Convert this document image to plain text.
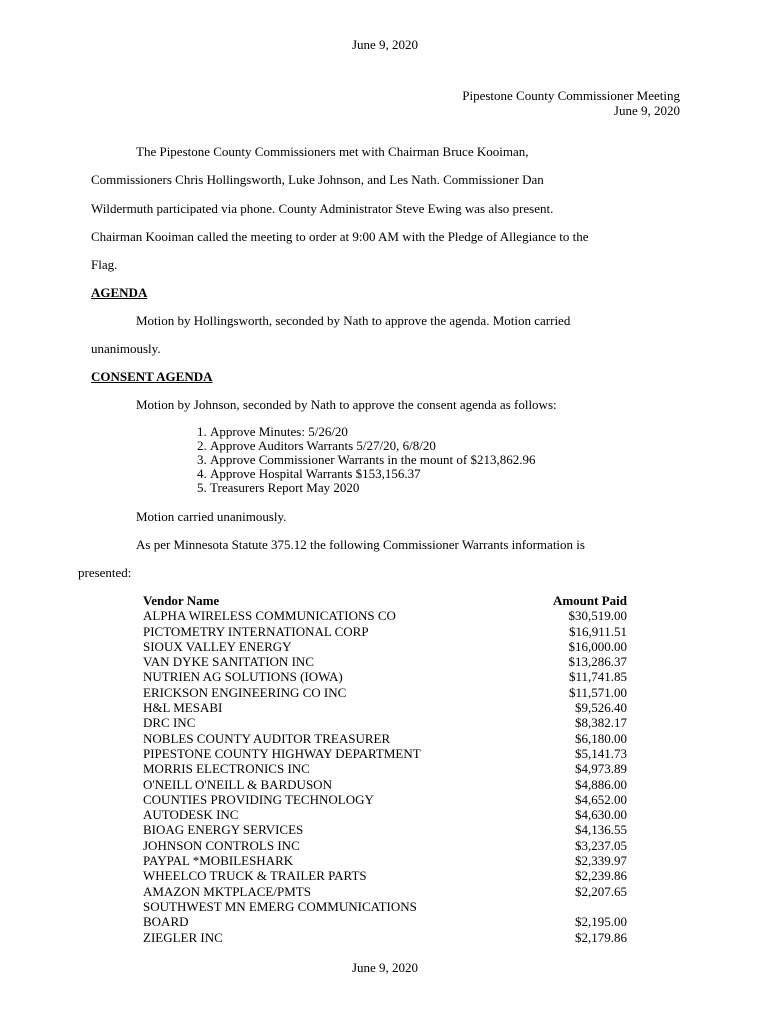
June 9, 2020
Pipestone County Commissioner Meeting
June 9, 2020
The Pipestone County Commissioners met with Chairman Bruce Kooiman,
Commissioners Chris Hollingsworth, Luke Johnson, and Les Nath. Commissioner Dan
Wildermuth participated via phone. County Administrator Steve Ewing was also present.
Chairman Kooiman called the meeting to order at 9:00 AM with the Pledge of Allegiance to the
Flag.
AGENDA
Motion by Hollingsworth, seconded by Nath to approve the agenda. Motion carried
unanimously.
CONSENT AGENDA
Motion by Johnson, seconded by Nath to approve the consent agenda as follows:
1. Approve Minutes: 5/26/20
2. Approve Auditors Warrants 5/27/20, 6/8/20
3. Approve Commissioner Warrants in the mount of $213,862.96
4. Approve Hospital Warrants $153,156.37
5. Treasurers Report May 2020
Motion carried unanimously.
As per Minnesota Statute 375.12 the following Commissioner Warrants information is
presented:
Vendor Name	Amount Paid
ALPHA WIRELESS COMMUNICATIONS CO	$30,519.00
PICTOMETRY INTERNATIONAL CORP	$16,911.51
SIOUX VALLEY ENERGY	$16,000.00
VAN DYKE SANITATION INC	$13,286.37
NUTRIEN AG SOLUTIONS (IOWA)	$11,741.85
ERICKSON ENGINEERING CO INC	$11,571.00
H&L MESABI	$9,526.40
DRC INC	$8,382.17
NOBLES COUNTY AUDITOR TREASURER	$6,180.00
PIPESTONE COUNTY HIGHWAY DEPARTMENT	$5,141.73
MORRIS ELECTRONICS INC	$4,973.89
O'NEILL O'NEILL & BARDUSON	$4,886.00
COUNTIES PROVIDING TECHNOLOGY	$4,652.00
AUTODESK INC	$4,630.00
BIOAG ENERGY SERVICES	$4,136.55
JOHNSON CONTROLS INC	$3,237.05
PAYPAL *MOBILESHARK	$2,339.97
WHEELCO TRUCK & TRAILER PARTS	$2,239.86
AMAZON MKTPLACE/PMTS	$2,207.65
SOUTHWEST MN EMERG COMMUNICATIONS
BOARD	$2,195.00
ZIEGLER INC	$2,179.86
June 9, 2020
